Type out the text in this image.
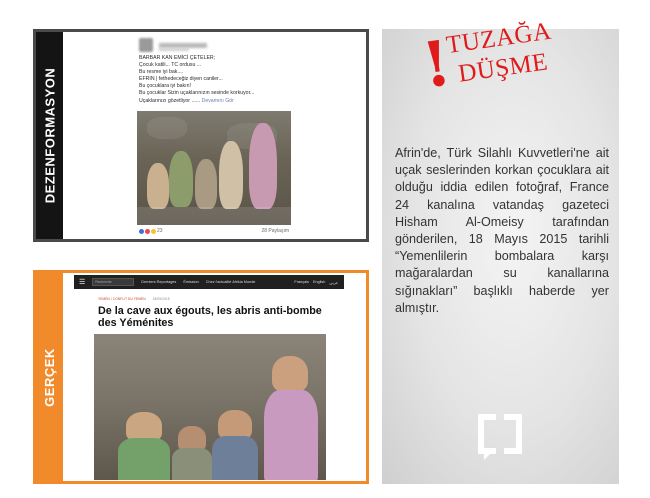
DEZENFORMASYON
BARBAR KAN EMİCİ ÇETELER;
Çocuk katili... TC ordusu ...
Bu resme iyi bak....
EFRIN | fethedeceğiz diyen caniler...
Bu çocuklara iyi bakın!
Bu çocuklar Sizin uçaklarınızın sesinde korkuyor...
Uçaklarınızı gözetliyor ...... Devamını Gör
23	28 Paylaşım
GERÇEK
☰	Recherche	Derniers Reportages Émission Chez l'actualité Afrikia Monde	Français English عربي
YEMEN / CONFLIT DU YEMEN 18/05/2015
De la cave aux égouts, les abris anti-bombe des Yéménites
!
TUZAĞA
DÜŞME
Afrin'de, Türk Silahlı Kuvvetleri'ne ait uçak seslerinden korkan çocuklara ait olduğu iddia edilen fotoğraf, France 24 kanalına vatandaş gazeteci Hisham Al-Omeisy tarafından gönderilen, 18 Mayıs 2015 tarihli “Yemenlilerin bombalara karşı mağaralardan su kanallarına sığınakları” başlıklı haberde yer almıştır.
